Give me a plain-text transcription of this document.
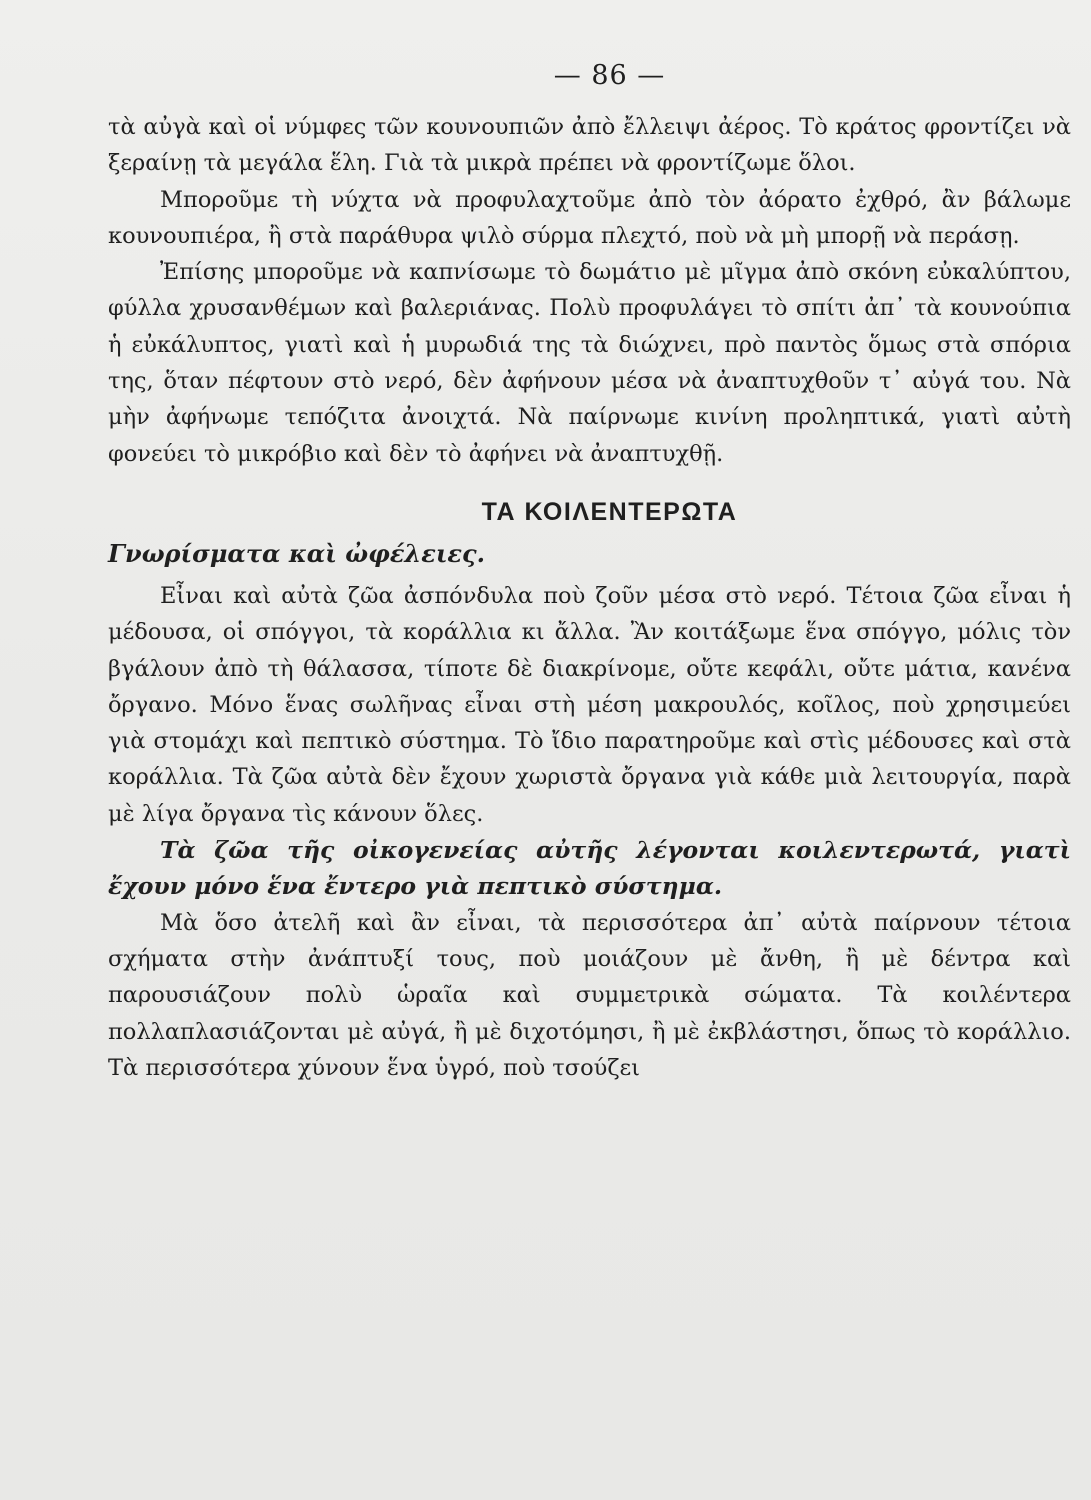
— 86 —

τὰ αὐγὰ καὶ οἱ νύμφες τῶν κουνουπιῶν ἀπὸ ἔλλειψι ἀέρος. Τὸ κράτος φροντίζει νὰ ξεραίνῃ τὰ μεγάλα ἕλη. Γιὰ τὰ μικρὰ πρέπει νὰ φροντίζωμε ὅλοι.

Μποροῦμε τὴ νύχτα νὰ προφυλαχτοῦμε ἀπὸ τὸν ἀόρατο ἐχθρό, ἂν βάλωμε κουνουπιέρα, ἢ στὰ παράθυρα ψιλὸ σύρμα πλεχτό, ποὺ νὰ μὴ μπορῇ νὰ περάσῃ.

Ἐπίσης μποροῦμε νὰ καπνίσωμε τὸ δωμάτιο μὲ μῖγμα ἀπὸ σκόνη εὐκαλύπτου, φύλλα χρυσανθέμων καὶ βαλεριάνας. Πολὺ προφυλάγει τὸ σπίτι ἀπ᾿ τὰ κουνούπια ἡ εὐκάλυπτος, γιατὶ καὶ ἡ μυρωδιά της τὰ διώχνει, πρὸ παντὸς ὅμως στὰ σπόρια της, ὅταν πέφτουν στὸ νερό, δὲν ἀφήνουν μέσα νὰ ἀναπτυχθοῦν τ᾿ αὐγά του. Νὰ μὴν ἀφήνωμε τεπόζιτα ἀνοιχτά. Νὰ παίρνωμε κινίνη προληπτικά, γιατὶ αὐτὴ φονεύει τὸ μικρόβιο καὶ δὲν τὸ ἀφήνει νὰ ἀναπτυχθῇ.

ΤΑ ΚΟΙΛΕΝΤΕΡΩΤΑ
Γνωρίσματα καὶ ὠφέλειες.

Εἶναι καὶ αὐτὰ ζῶα ἀσπόνδυλα ποὺ ζοῦν μέσα στὸ νερό. Τέτοια ζῶα εἶναι ἡ μέδουσα, οἱ σπόγγοι, τὰ κοράλλια κι ἄλλα. Ἂν κοιτάξωμε ἕνα σπόγγο, μόλις τὸν βγάλουν ἀπὸ τὴ θάλασσα, τίποτε δὲ διακρίνομε, οὔτε κεφάλι, οὔτε μάτια, κανένα ὄργανο. Μόνο ἕνας σωλῆνας εἶναι στὴ μέση μακρουλός, κοῖλος, ποὺ χρησιμεύει γιὰ στομάχι καὶ πεπτικὸ σύστημα. Τὸ ἴδιο παρατηροῦμε καὶ στὶς μέδουσες καὶ στὰ κοράλλια. Τὰ ζῶα αὐτὰ δὲν ἔχουν χωριστὰ ὄργανα γιὰ κάθε μιὰ λειτουργία, παρὰ μὲ λίγα ὄργανα τὶς κάνουν ὅλες.

Τὰ ζῶα τῆς οἰκογενείας αὐτῆς λέγονται κοιλεντερωτά, γιατὶ ἔχουν μόνο ἕνα ἔντερο γιὰ πεπτικὸ σύστημα.

Μὰ ὅσο ἀτελῆ καὶ ἂν εἶναι, τὰ περισσότερα ἀπ᾿ αὐτὰ παίρνουν τέτοια σχήματα στὴν ἀνάπτυξί τους, ποὺ μοιάζουν μὲ ἄνθη, ἢ μὲ δέντρα καὶ παρουσιάζουν πολὺ ὡραῖα καὶ συμμετρικὰ σώματα. Τὰ κοιλέντερα πολλαπλασιάζονται μὲ αὐγά, ἢ μὲ διχοτόμησι, ἢ μὲ ἐκβλάστησι, ὅπως τὸ κοράλλιο. Τὰ περισσότερα χύνουν ἕνα ὑγρό, ποὺ τσούζει
